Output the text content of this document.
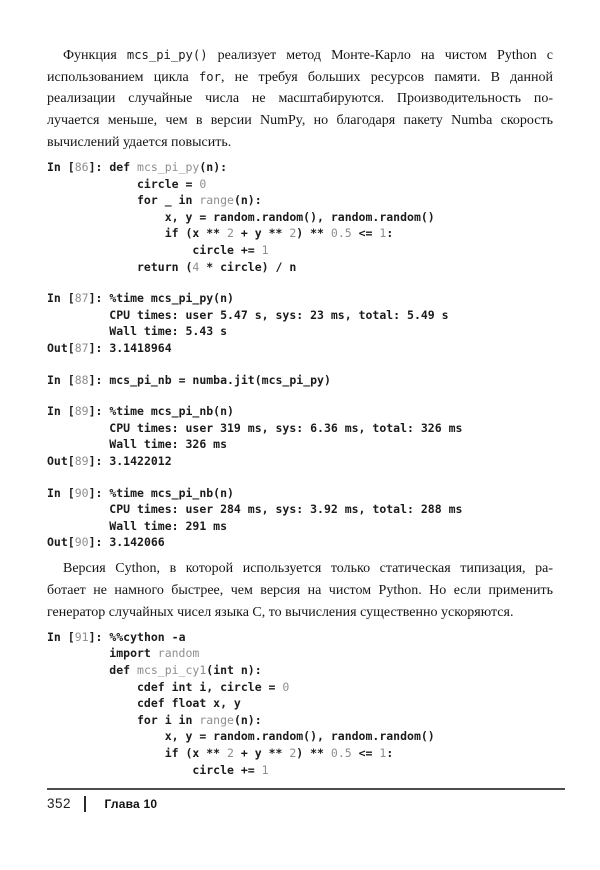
Функция mcs_pi_py() реализует метод Монте-Карло на чистом Python с
использованием цикла for, не требуя больших ресурсов памяти. В данной
реализации случайные числа не масштабируются. Производительность по-
лучается меньше, чем в версии NumPy, но благодаря пакету Numba скорость
вычислений удается повысить.
In [86]: def mcs_pi_py(n):
circle = 0
for _ in range(n):
x, y = random.random(), random.random()
if (x ** 2 + y ** 2) ** 0.5 <= 1:
circle += 1
return (4 * circle) / n
In [87]: %time mcs_pi_py(n)
CPU times: user 5.47 s, sys: 23 ms, total: 5.49 s
Wall time: 5.43 s
Out[87]: 3.1418964
In [88]: mcs_pi_nb = numba.jit(mcs_pi_py)
In [89]: %time mcs_pi_nb(n)
CPU times: user 319 ms, sys: 6.36 ms, total: 326 ms
Wall time: 326 ms
Out[89]: 3.1422012
In [90]: %time mcs_pi_nb(n)
CPU times: user 284 ms, sys: 3.92 ms, total: 288 ms
Wall time: 291 ms
Out[90]: 3.142066
Версия Cython, в которой используется только статическая типизация, ра-
ботает не намного быстрее, чем версия на чистом Python. Но если применить
генератор случайных чисел языка C, то вычисления существенно ускоряются.
In [91]: %%cython -a
import random
def mcs_pi_cy1(int n):
cdef int i, circle = 0
cdef float x, y
for i in range(n):
x, y = random.random(), random.random()
if (x ** 2 + y ** 2) ** 0.5 <= 1:
circle += 1
352	Глава 10
